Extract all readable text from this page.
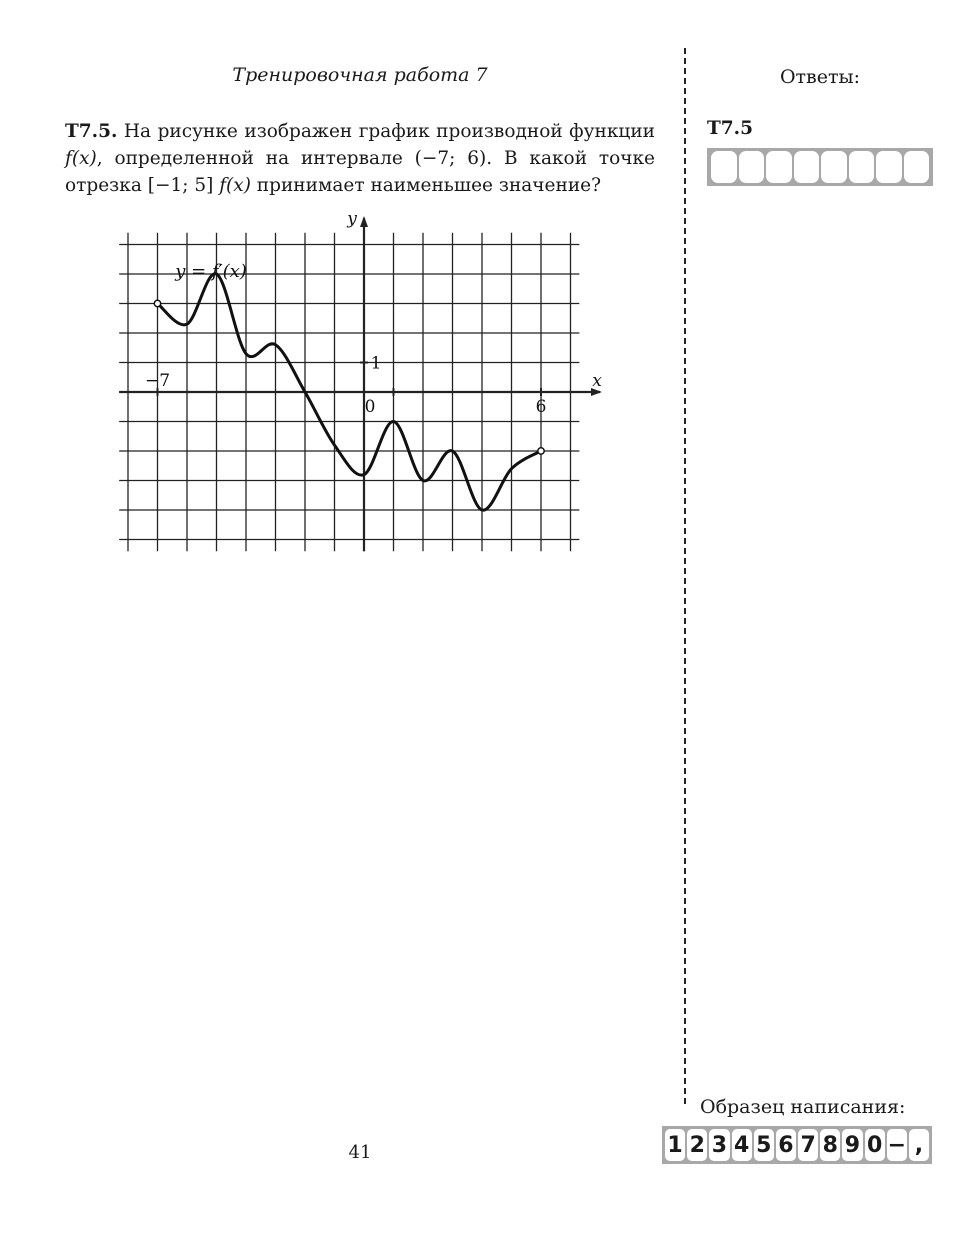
Тренировочная работа 7	Ответы:
T7.5. На рисунке изображен график производной функции f(x), определенной на интервале (−7; 6). В какой точке отрезка [−1; 5] f(x) принимает наименьшее значение?
T7.5
y = f′(x)
x
y
0
−7
6
1
41
Образец написания:
1 2 3 4 5 6 7 8 9 0 − ,
